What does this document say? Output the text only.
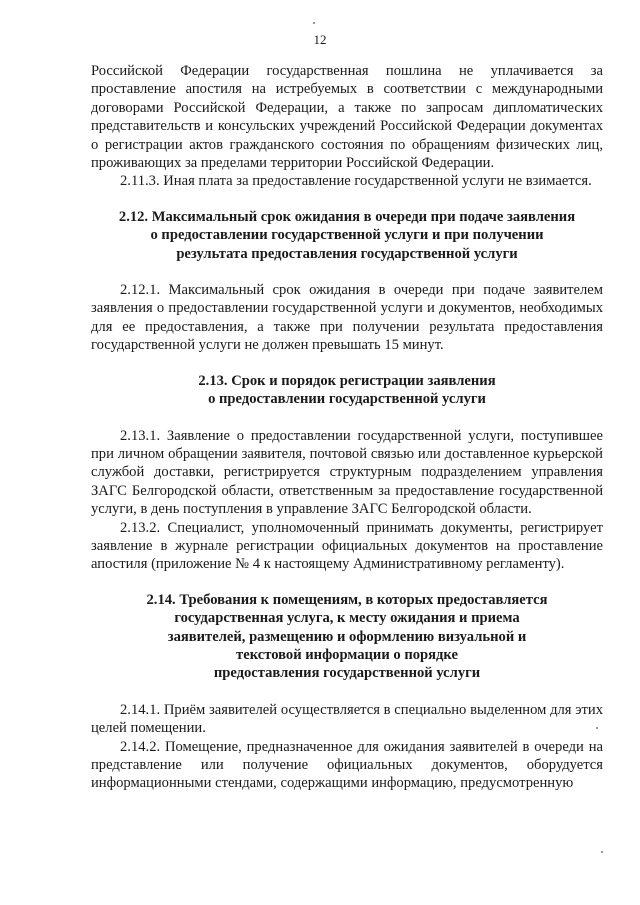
12

Российской Федерации государственная пошлина не уплачивается за проставление апостиля на истребуемых в соответствии с международными договорами Российской Федерации, а также по запросам дипломатических представительств и консульских учреждений Российской Федерации документах о регистрации актов гражданского состояния по обращениям физических лиц, проживающих за пределами территории Российской Федерации.

2.11.3. Иная плата за предоставление государственной услуги не взимается.

2.12. Максимальный срок ожидания в очереди при подаче заявления
о предоставлении государственной услуги и при получении
результата предоставления государственной услуги

2.12.1. Максимальный срок ожидания в очереди при подаче заявителем заявления о предоставлении государственной услуги и документов, необходимых для ее предоставления, а также при получении результата предоставления государственной услуги не должен превышать 15 минут.

2.13. Срок и порядок регистрации заявления
о предоставлении государственной услуги

2.13.1. Заявление о предоставлении государственной услуги, поступившее при личном обращении заявителя, почтовой связью или доставленное курьерской службой доставки, регистрируется структурным подразделением управления ЗАГС Белгородской области, ответственным за предоставление государственной услуги, в день поступления в управление ЗАГС Белгородской области.

2.13.2. Специалист, уполномоченный принимать документы, регистрирует заявление в журнале регистрации официальных документов на проставление апостиля (приложение № 4 к настоящему Административному регламенту).

2.14. Требования к помещениям, в которых предоставляется
государственная услуга, к месту ожидания и приема
заявителей, размещению и оформлению визуальной и
текстовой информации о порядке
предоставления государственной услуги

2.14.1. Приём заявителей осуществляется в специально выделенном для этих целей помещении.

2.14.2. Помещение, предназначенное для ожидания заявителей в очереди на представление или получение официальных документов, оборудуется информационными стендами, содержащими информацию, предусмотренную
